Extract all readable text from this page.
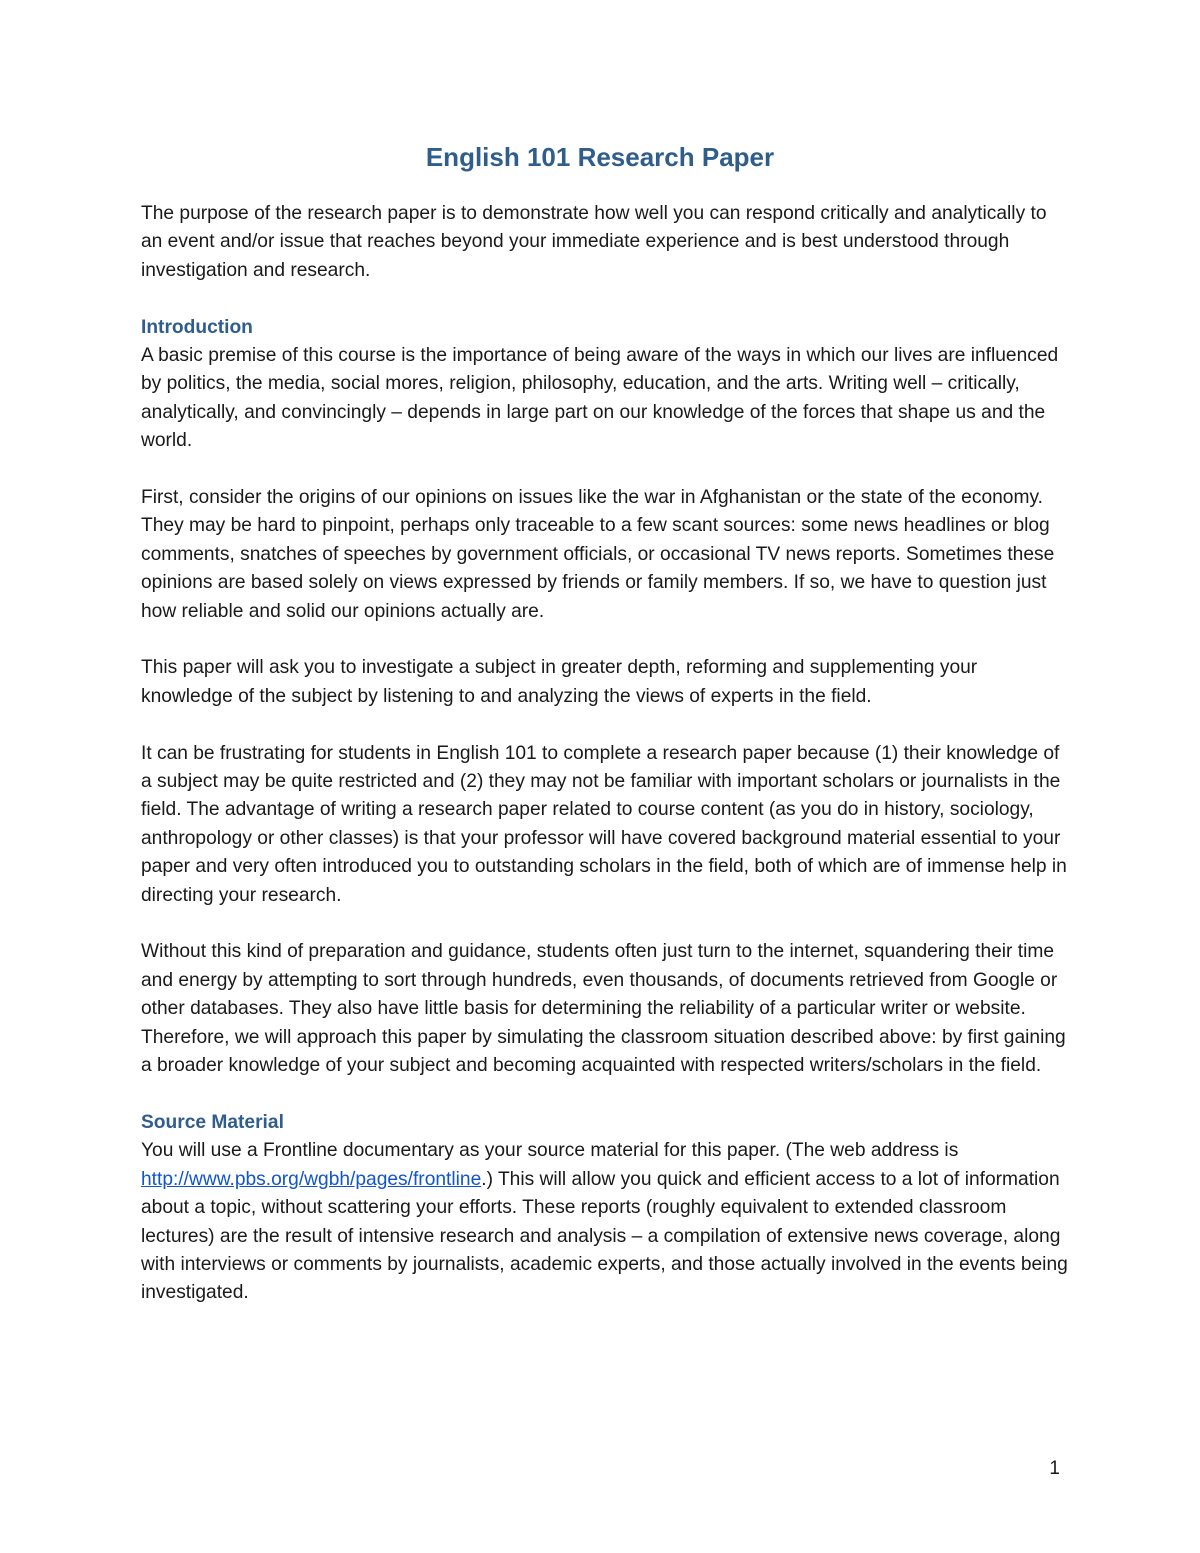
English 101 Research Paper

The purpose of the research paper is to demonstrate how well you can respond critically and analytically to an event and/or issue that reaches beyond your immediate experience and is best understood through investigation and research.

Introduction

A basic premise of this course is the importance of being aware of the ways in which our lives are influenced by politics, the media, social mores, religion, philosophy, education, and the arts. Writing well – critically, analytically, and convincingly – depends in large part on our knowledge of the forces that shape us and the world.

First, consider the origins of our opinions on issues like the war in Afghanistan or the state of the economy. They may be hard to pinpoint, perhaps only traceable to a few scant sources: some news headlines or blog comments, snatches of speeches by government officials, or occasional TV news reports. Sometimes these opinions are based solely on views expressed by friends or family members. If so, we have to question just how reliable and solid our opinions actually are.

This paper will ask you to investigate a subject in greater depth, reforming and supplementing your knowledge of the subject by listening to and analyzing the views of experts in the field.

It can be frustrating for students in English 101 to complete a research paper because (1) their knowledge of a subject may be quite restricted and (2) they may not be familiar with important scholars or journalists in the field. The advantage of writing a research paper related to course content (as you do in history, sociology, anthropology or other classes) is that your professor will have covered background material essential to your paper and very often introduced you to outstanding scholars in the field, both of which are of immense help in directing your research.

Without this kind of preparation and guidance, students often just turn to the internet, squandering their time and energy by attempting to sort through hundreds, even thousands, of documents retrieved from Google or other databases. They also have little basis for determining the reliability of a particular writer or website. Therefore, we will approach this paper by simulating the classroom situation described above: by first gaining a broader knowledge of your subject and becoming acquainted with respected writers/scholars in the field.

Source Material

You will use a Frontline documentary as your source material for this paper. (The web address is http://www.pbs.org/wgbh/pages/frontline.) This will allow you quick and efficient access to a lot of information about a topic, without scattering your efforts. These reports (roughly equivalent to extended classroom lectures) are the result of intensive research and analysis – a compilation of extensive news coverage, along with interviews or comments by journalists, academic experts, and those actually involved in the events being investigated.

1
